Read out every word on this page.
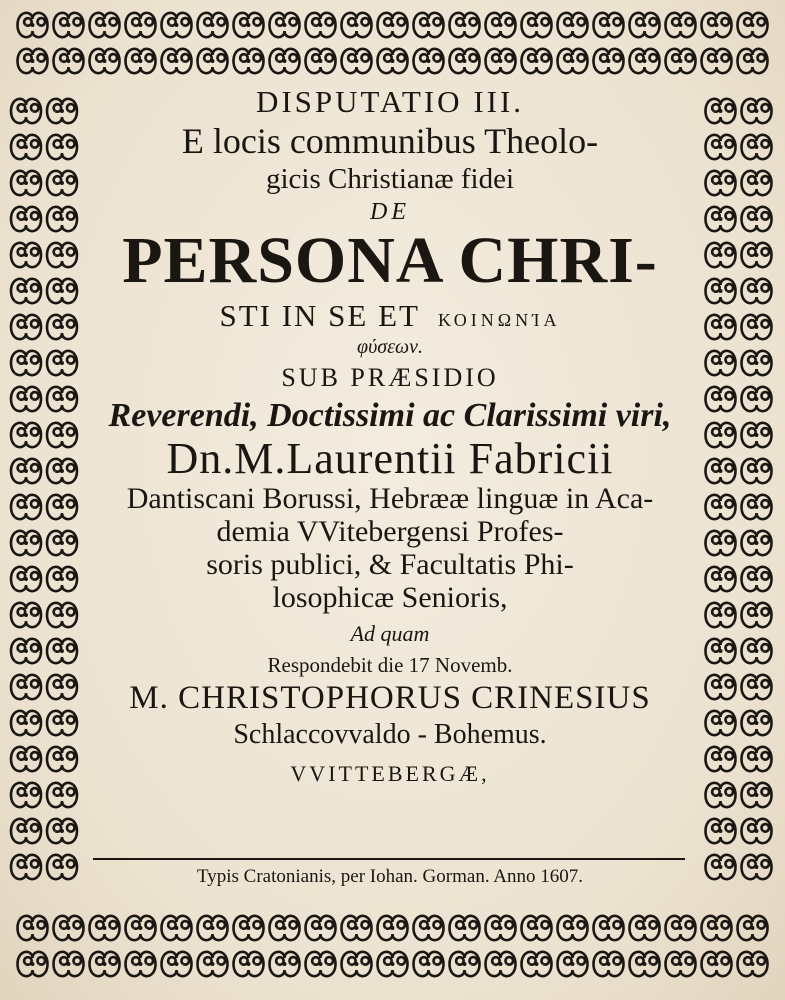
DISPUTATIO III.
E locis communibus Theolo-
gicis Christianæ fidei
DE
PERSONA CHRI-
STI IN SE ET ΚΟΙΝΩΝΊΑ
φύσεων.
SUB PRÆSIDIO
Reverendi, Doctissimi ac Clarissimi viri,
Dn.M.Laurentii Fabricii
Dantiscani Borussi, Hebrææ linguæ in Aca-
demia VVitebergensi Profes-
soris publici, & Facultatis Phi-
losophicæ Senioris,
Ad quam
Respondebit die 17 Novemb.
M. CHRISTOPHORUS CRINESIUS
Schlaccovvaldo - Bohemus.
VVITTEBERGÆ,
Typis Cratonianis, per Iohan. Gorman. Anno 1607.
